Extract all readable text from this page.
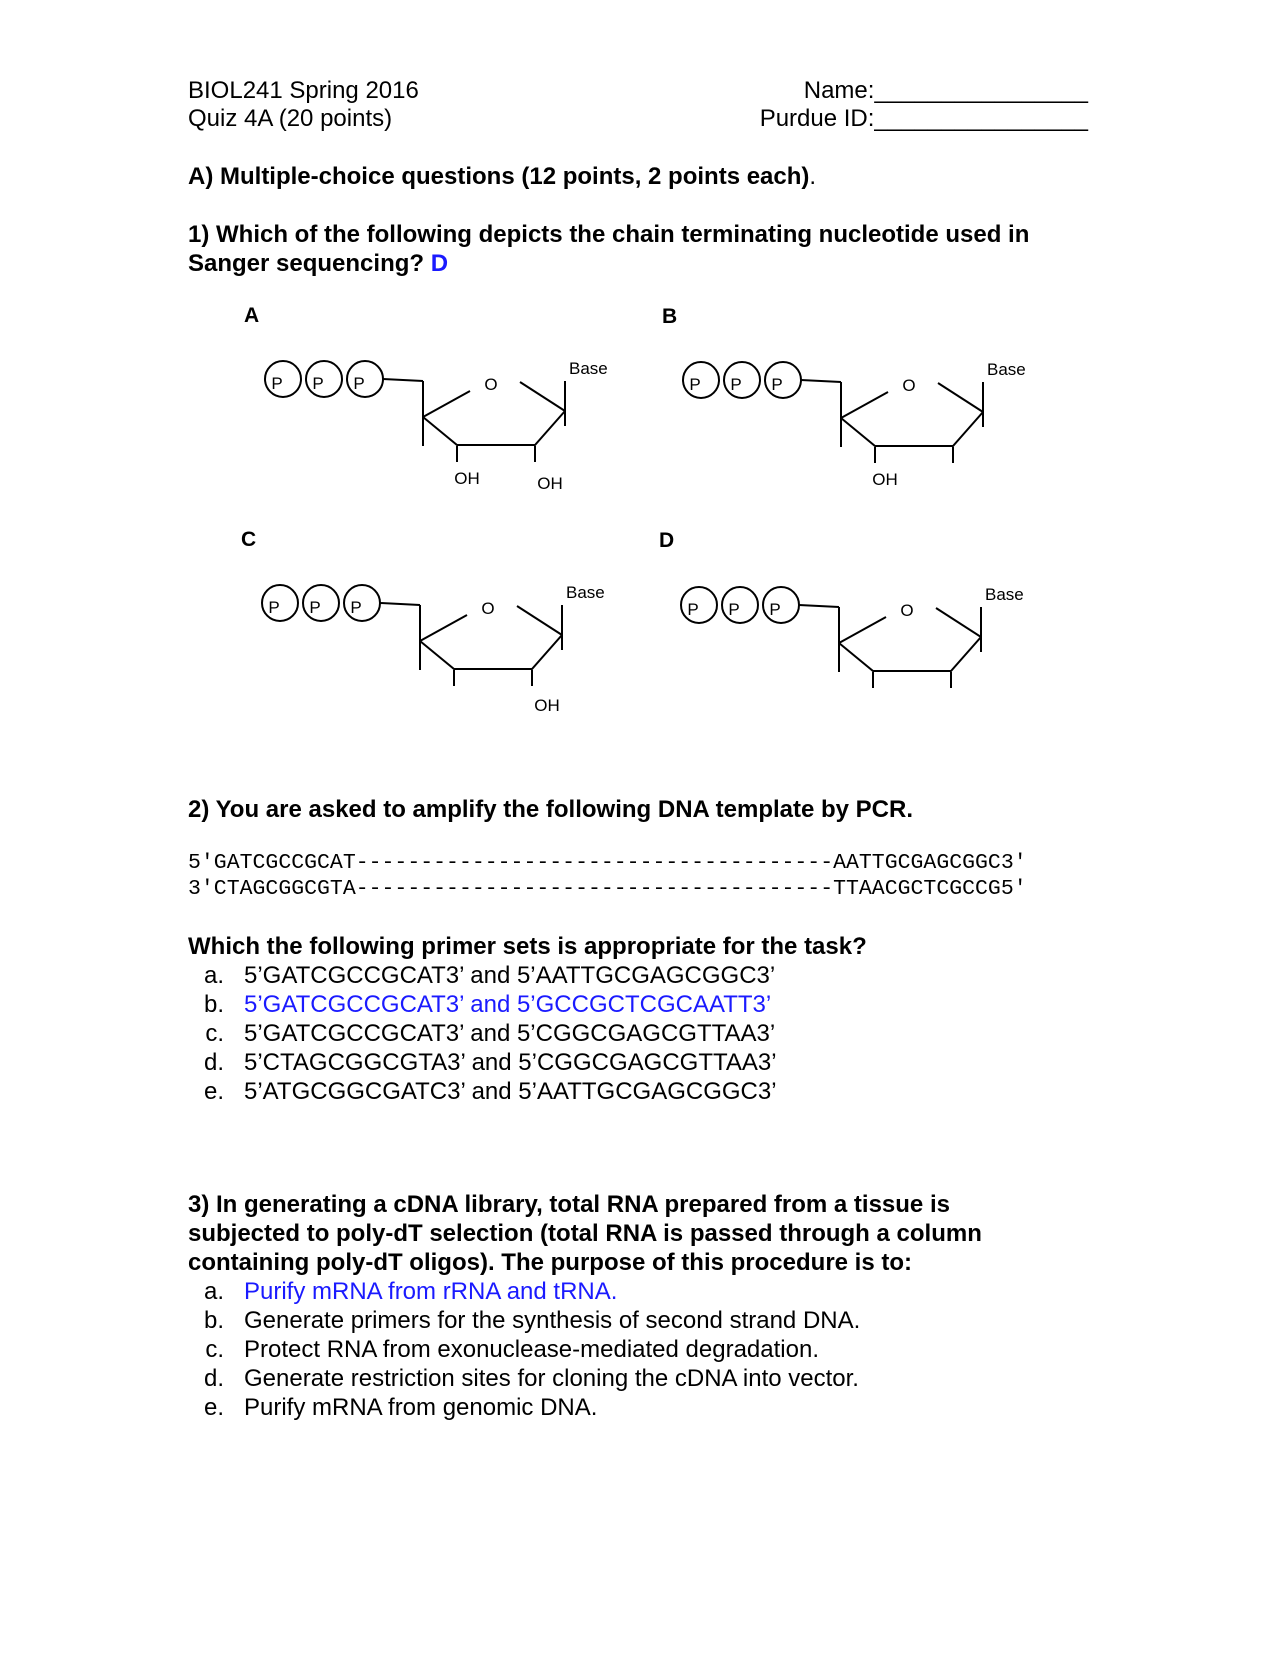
BIOL241 Spring 2016
Quiz 4A (20 points)
Name:________________
Purdue ID:________________
A) Multiple-choice questions (12 points, 2 points each).
1) Which of the following depicts the chain terminating nucleotide used in
Sanger sequencing? D
A
P P P	O
Base
OH	OH
B
P P P	O
Base
OH
C
P P P	O
Base
OH
D
P P P	O
Base
2) You are asked to amplify the following DNA template by PCR.
5′GATCGCCGCAT-------------------------------------AATTGCGAGCGGC3′
3′CTAGCGGCGTA-------------------------------------TTAACGCTCGCCG5′
Which the following primer sets is appropriate for the task?
a. 5’GATCGCCGCAT3’ and 5’AATTGCGAGCGGC3’
b. 5’GATCGCCGCAT3’ and 5’GCCGCTCGCAATT3’
c. 5’GATCGCCGCAT3’ and 5’CGGCGAGCGTTAA3’
d. 5’CTAGCGGCGTA3’ and 5’CGGCGAGCGTTAA3’
e. 5’ATGCGGCGATC3’ and 5’AATTGCGAGCGGC3’
3) In generating a cDNA library, total RNA prepared from a tissue is
subjected to poly-dT selection (total RNA is passed through a column
containing poly-dT oligos). The purpose of this procedure is to:
a. Purify mRNA from rRNA and tRNA.
b. Generate primers for the synthesis of second strand DNA.
c. Protect RNA from exonuclease-mediated degradation.
d. Generate restriction sites for cloning the cDNA into vector.
e. Purify mRNA from genomic DNA.
